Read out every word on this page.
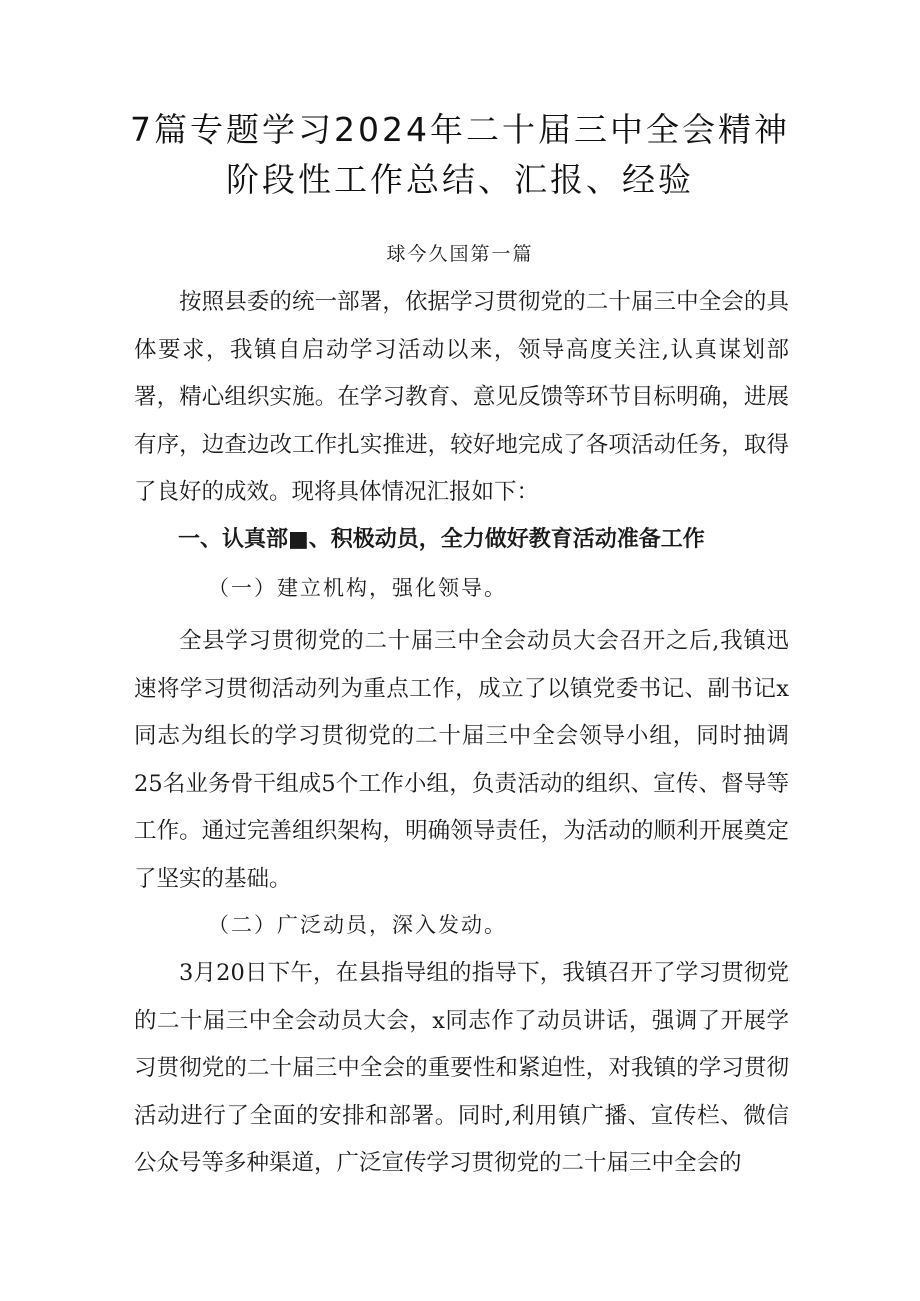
7篇专题学习2024年二十届三中全会精神
阶段性工作总结、汇报、经验
球今久国第一篇

按照县委的统一部署，依据学习贯彻党的二十届三中全会的具体要求，我镇自启动学习活动以来，领导高度关注,认真谋划部署，精心组织实施。在学习教育、意见反馈等环节目标明确，进展有序，边查边改工作扎实推进，较好地完成了各项活动任务，取得了良好的成效。现将具体情况汇报如下：

一、认真部■、积极动员，全力做好教育活动准备工作
（一）建立机构，强化领导。

全县学习贯彻党的二十届三中全会动员大会召开之后,我镇迅速将学习贯彻活动列为重点工作，成立了以镇党委书记、副书记x同志为组长的学习贯彻党的二十届三中全会领导小组，同时抽调25名业务骨干组成5个工作小组，负责活动的组织、宣传、督导等工作。通过完善组织架构，明确领导责任，为活动的顺利开展奠定了坚实的基础。

（二）广泛动员，深入发动。

3月20日下午，在县指导组的指导下，我镇召开了学习贯彻党的二十届三中全会动员大会，x同志作了动员讲话，强调了开展学习贯彻党的二十届三中全会的重要性和紧迫性，对我镇的学习贯彻活动进行了全面的安排和部署。同时,利用镇广播、宣传栏、微信公众号等多种渠道，广泛宣传学习贯彻党的二十届三中全会的
